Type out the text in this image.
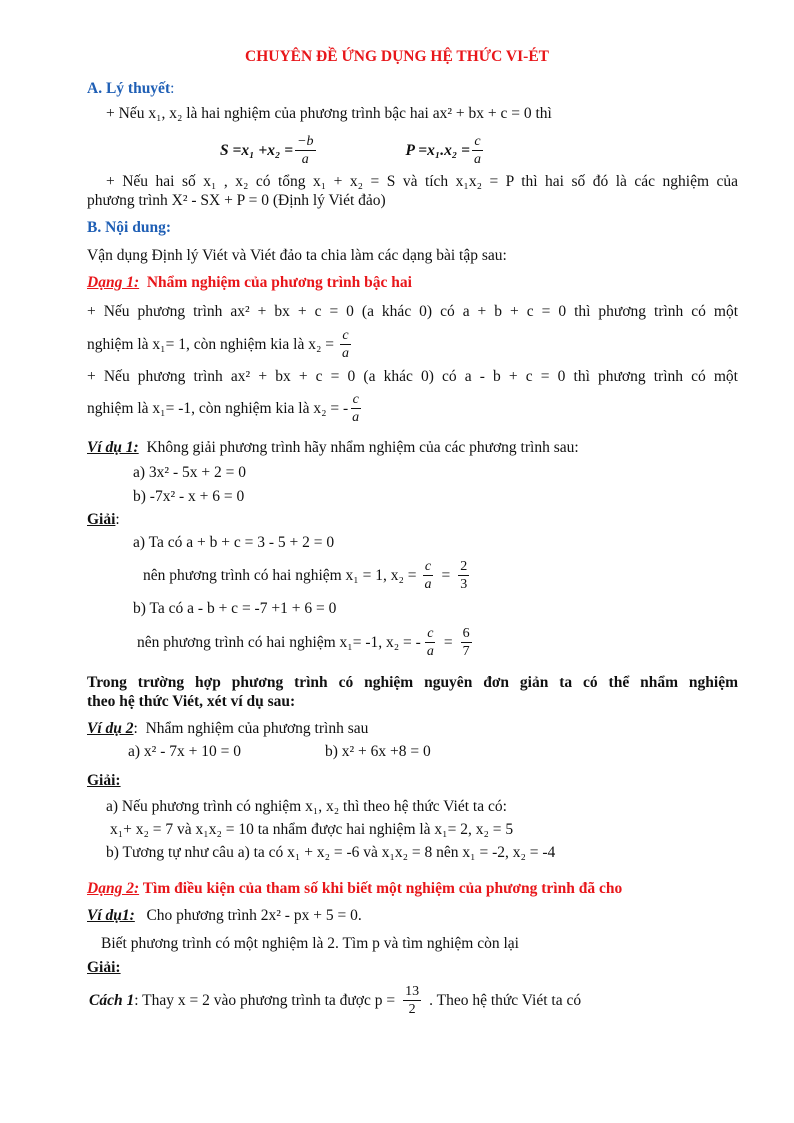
CHUYÊN ĐỀ ỨNG DỤNG HỆ THỨC VI-ÉT
A. Lý thuyết:
+ Nếu x₁, x₂ là hai nghiệm của phương trình bậc hai ax² + bx + c = 0 thì
$S = x_1 +x_2 = \frac{-b}{a}$	$P = x_1.x_2 = \frac{c}{a}$
+ Nếu hai số x₁ , x₂ có tổng x₁ + x₂ = S và tích x₁x₂ = P thì hai số đó là các nghiệm của
phương trình X² - SX + P = 0 (Định lý Viét đảo)
B. Nội dung:
Vận dụng Định lý Viét và Viét đảo ta chia làm các dạng bài tập sau:
Dạng 1:  Nhẩm nghiệm của phương trình bậc hai
+ Nếu phương trình ax² + bx + c = 0 (a khác 0) có a + b + c = 0 thì phương trình có một
nghiệm là x₁= 1, còn nghiệm kia là $x_2 = \frac{c}{a}$
+ Nếu phương trình ax² + bx + c = 0 (a khác 0) có a - b + c = 0 thì phương trình có một
nghiệm là x₁= -1, còn nghiệm kia là x₂ = - $\frac{c}{a}$
Ví dụ 1:  Không giải phương trình hãy nhẩm nghiệm của các phương trình sau:
a) 3x² - 5x + 2 = 0
b) -7x² - x + 6 = 0
Giải:
a) Ta có a + b + c = 3 - 5 + 2 = 0
nên phương trình có hai nghiệm x₁ = 1, $x_2 = \frac{c}{a} = \frac{2}{3}$
b) Ta có a - b + c = -7 +1 + 6 = 0
nên phương trình có hai nghiệm x₁= -1, x₂ = - $\frac{c}{a} = \frac{6}{7}$
Trong trường hợp phương trình có nghiệm nguyên đơn giản ta có thể nhẩm nghiệm
theo hệ thức Viét, xét ví dụ sau:
Ví dụ 2:  Nhẩm nghiệm của phương trình sau
a) x² - 7x + 10 = 0	b) x² + 6x +8 = 0
Giải:
a) Nếu phương trình có nghiệm x₁, x₂ thì theo hệ thức Viét ta có:
x₁+ x₂ = 7 và x₁x₂ = 10 ta nhẩm được hai nghiệm là x₁= 2, x₂ = 5
b) Tương tự như câu a) ta có x₁ + x₂ = -6 và x₁x₂ = 8 nên x₁ = -2, x₂ = -4
Dạng 2: Tìm điều kiện của tham số khi biết một nghiệm của phương trình đã cho
Ví dụ1:   Cho phương trình 2x² - px + 5 = 0.
Biết phương trình có một nghiệm là 2. Tìm p và tìm nghiệm còn lại
Giải:
Cách 1 : Thay x = 2 vào phương trình ta được $p = \frac{13}{2}$ . Theo hệ thức Viét ta có
